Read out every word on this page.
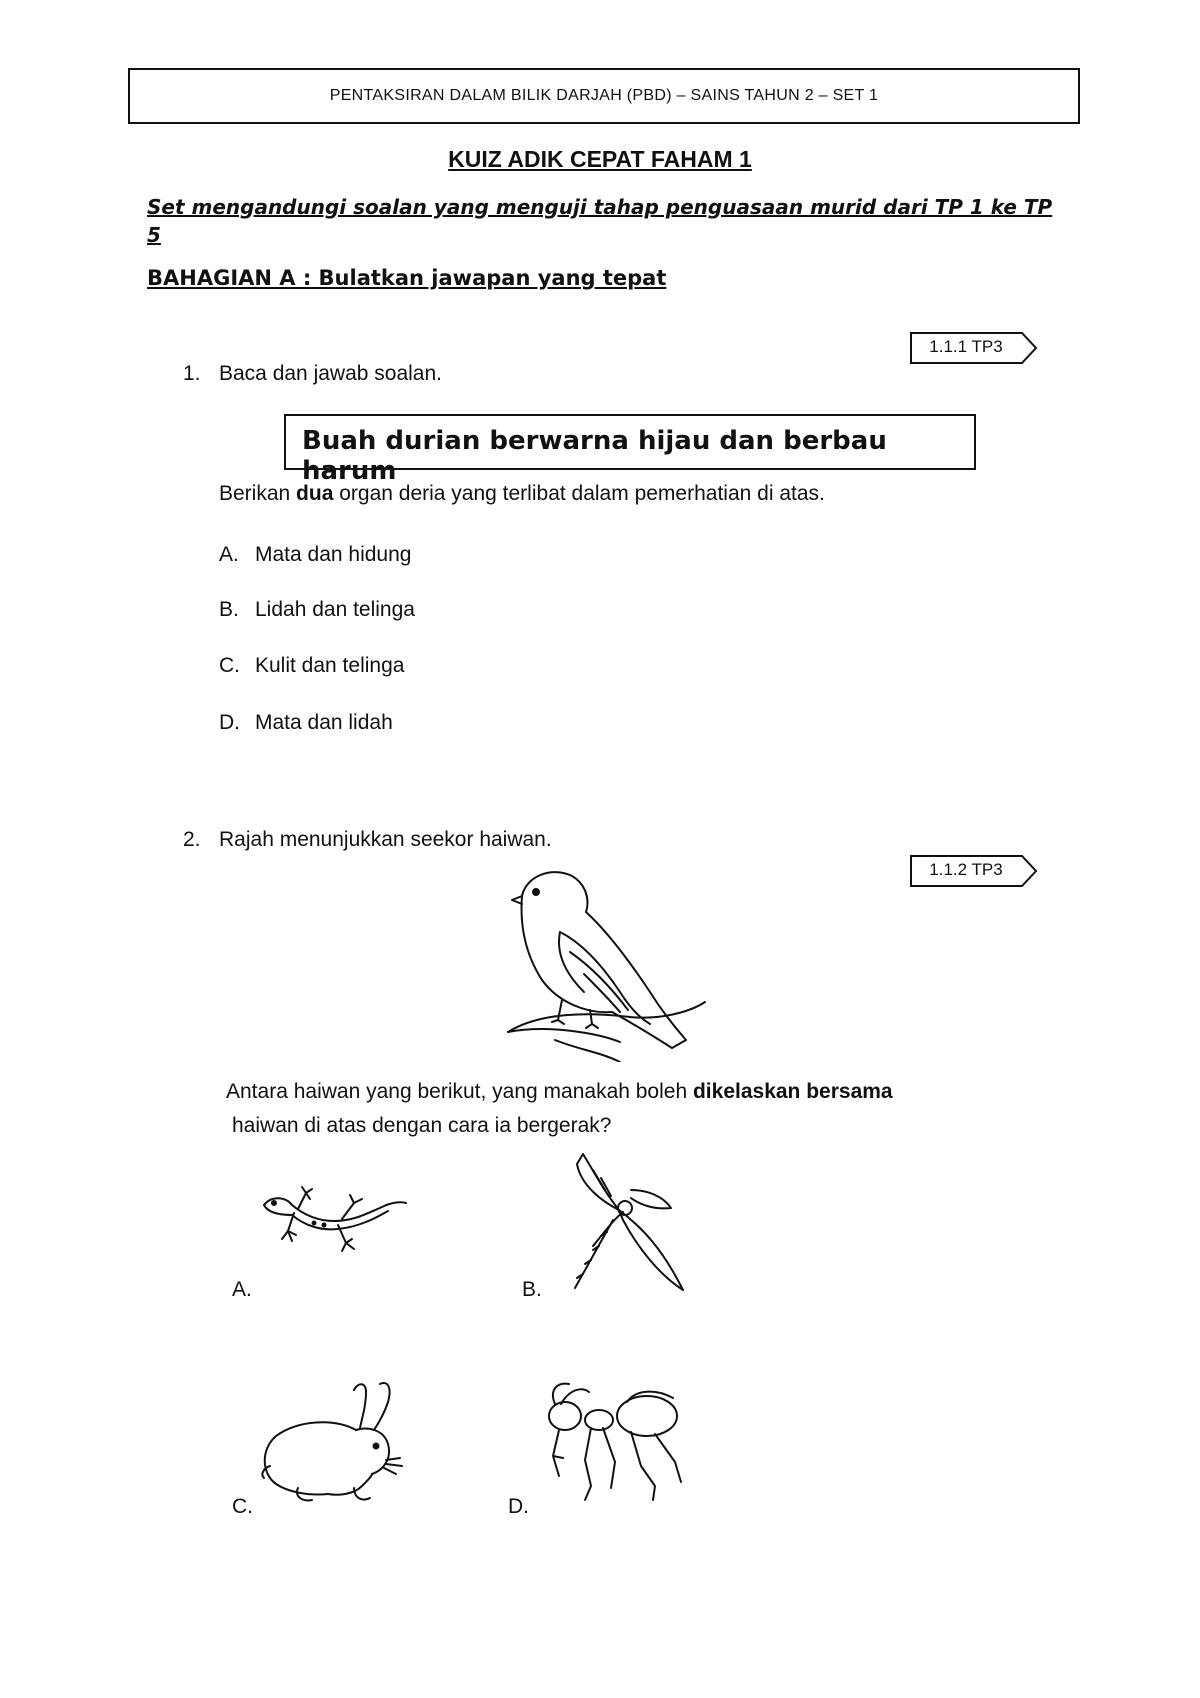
PENTAKSIRAN DALAM BILIK DARJAH (PBD) – SAINS TAHUN 2 – SET 1
KUIZ ADIK CEPAT FAHAM 1
Set mengandungi soalan yang menguji tahap penguasaan murid dari TP 1 ke TP 5
BAHAGIAN A : Bulatkan jawapan yang tepat
1.1.1 TP3
1. Baca dan jawab soalan.
Buah durian berwarna hijau dan berbau harum
Berikan dua organ deria yang terlibat dalam pemerhatian di atas.
A. Mata dan hidung
B. Lidah dan telinga
C. Kulit dan telinga
D. Mata dan lidah
2. Rajah menunjukkan seekor haiwan.
1.1.2 TP3
Antara haiwan yang berikut, yang manakah boleh dikelaskan bersama
haiwan di atas dengan cara ia bergerak?
A.	B.
C.	D.
